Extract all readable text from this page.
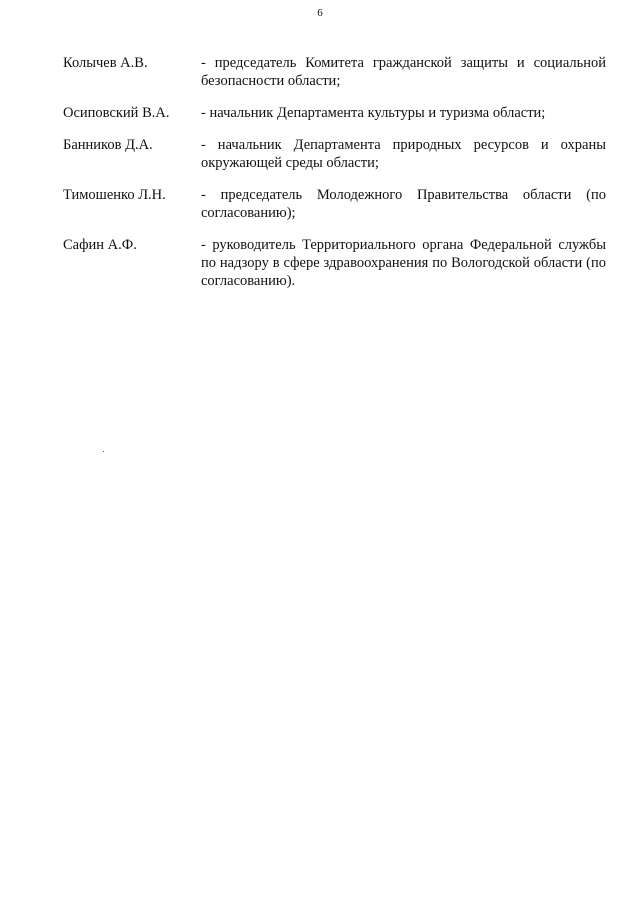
6
Колычев А.В.	- председатель Комитета гражданской защиты и социальной безопасности области;
Осиповский В.А.	- начальник Департамента культуры и туризма области;
Банников Д.А.	- начальник Департамента природных ресурсов и охраны окружающей среды области;
Тимошенко Л.Н.	- председатель Молодежного Правительства области (по согласованию);
Сафин А.Ф.	- руководитель Территориального органа Федеральной службы по надзору в сфере здравоохранения по Вологодской области (по согласованию).
